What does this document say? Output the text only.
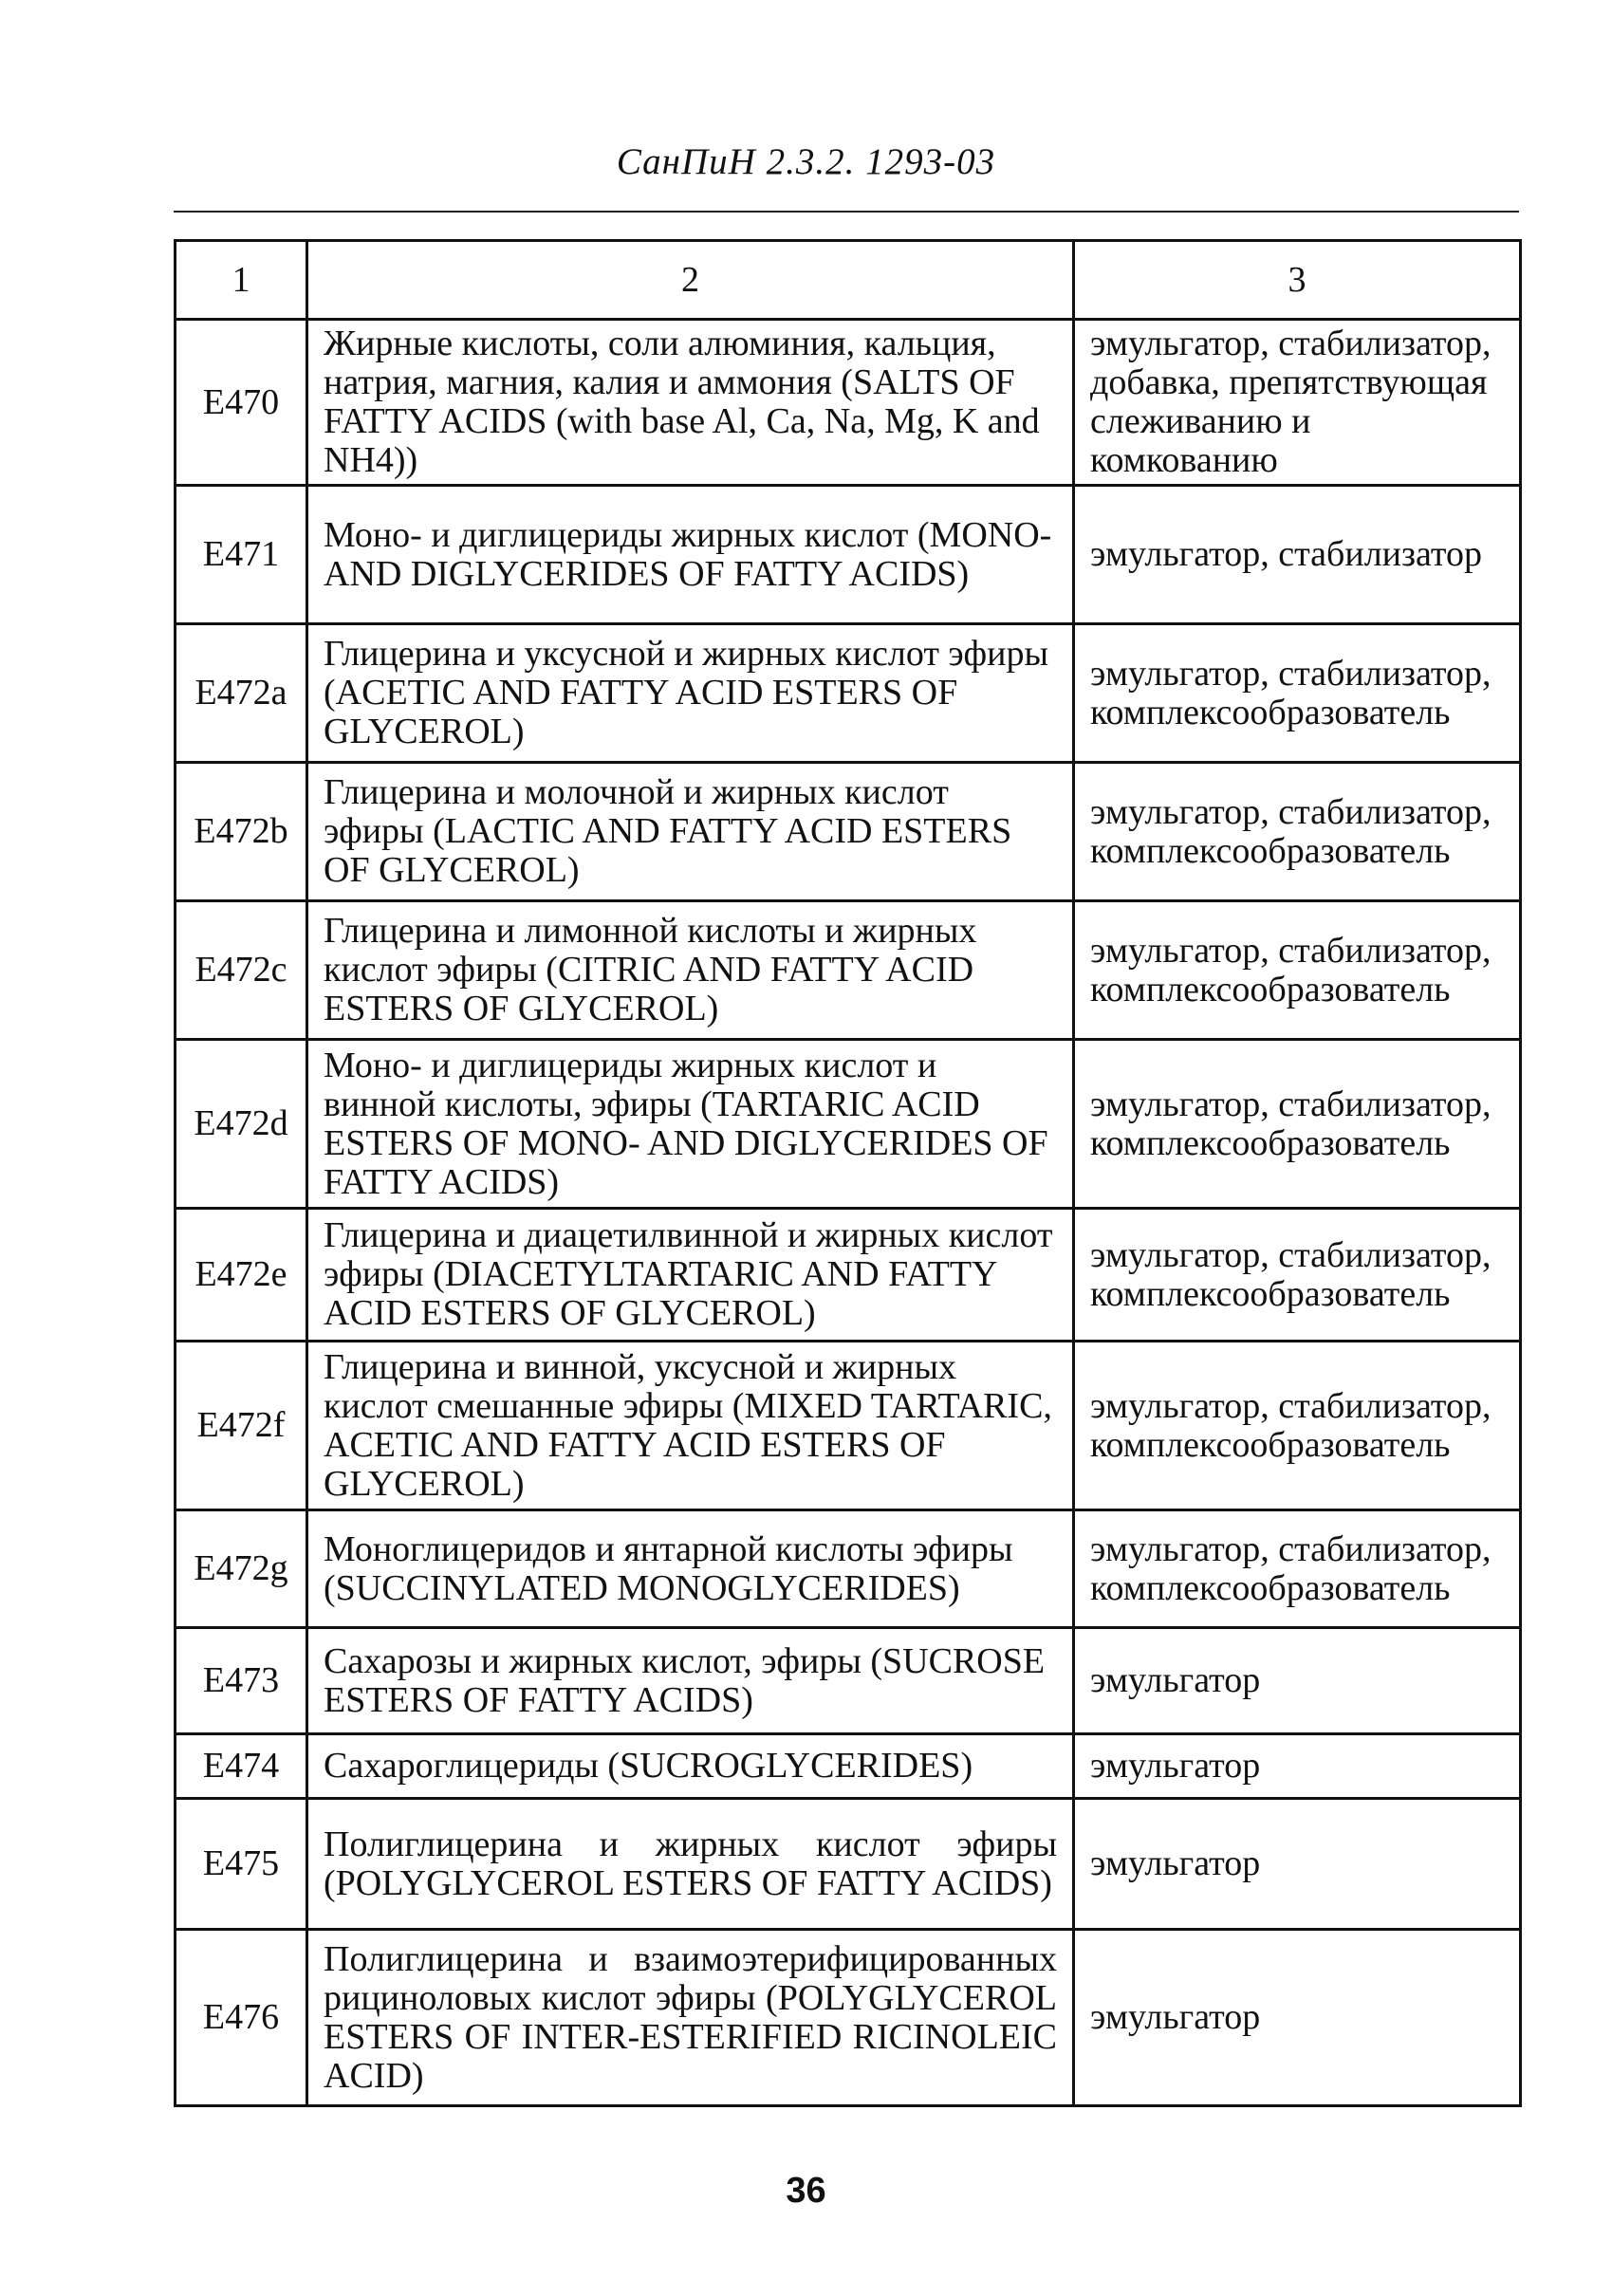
СанПиН 2.3.2. 1293-03
1	2	3
E470	Жирные кислоты, соли алюминия, кальция, натрия, магния, калия и аммония (SALTS OF FATTY ACIDS (with base Al, Ca, Na, Mg, K and NH4))	эмульгатор, стабилизатор, добавка, препятствующая слеживанию и комкованию
E471	Моно- и диглицериды жирных кислот (MONO- AND DIGLYCERIDES OF FATTY ACIDS)	эмульгатор, стабилизатор
E472a	Глицерина и уксусной и жирных кислот эфиры (ACETIC AND FATTY ACID ESTERS OF GLYCEROL)	эмульгатор, стабилизатор, комплексообразователь
E472b	Глицерина и молочной и жирных кислот эфиры (LACTIC AND FATTY ACID ESTERS OF GLYCEROL)	эмульгатор, стабилизатор, комплексообразователь
E472c	Глицерина и лимонной кислоты и жирных кислот эфиры (CITRIC AND FATTY ACID ESTERS OF GLYCEROL)	эмульгатор, стабилизатор, комплексообразователь
E472d	Моно- и диглицериды жирных кислот и винной кислоты, эфиры (TARTARIC ACID ESTERS OF MONO- AND DIGLYCERIDES OF FATTY ACIDS)	эмульгатор, стабилизатор, комплексообразователь
E472e	Глицерина и диацетилвинной и жирных кислот эфиры (DIACETYLTARTARIC AND FATTY ACID ESTERS OF GLYCEROL)	эмульгатор, стабилизатор, комплексообразователь
E472f	Глицерина и винной, уксусной и жирных кислот смешанные эфиры (MIXED TARTARIC, ACETIC AND FATTY ACID ESTERS OF GLYCEROL)	эмульгатор, стабилизатор, комплексообразователь
E472g	Моноглицеридов и янтарной кислоты эфиры (SUCCINYLATED MONOGLYCERIDES)	эмульгатор, стабилизатор, комплексообразователь
E473	Сахарозы и жирных кислот, эфиры (SUCROSE ESTERS OF FATTY ACIDS)	эмульгатор
E474	Сахароглицериды (SUCROGLYCERIDES)	эмульгатор
E475	Полиглицерина и жирных кислот эфиры (POLYGLYCEROL ESTERS OF FATTY ACIDS)	эмульгатор
E476	Полиглицерина и взаимоэтерифицированных рициноловых кислот эфиры (POLYGLYCEROL ESTERS OF INTER-ESTERIFIED RICINOLEIC ACID)	эмульгатор
36
